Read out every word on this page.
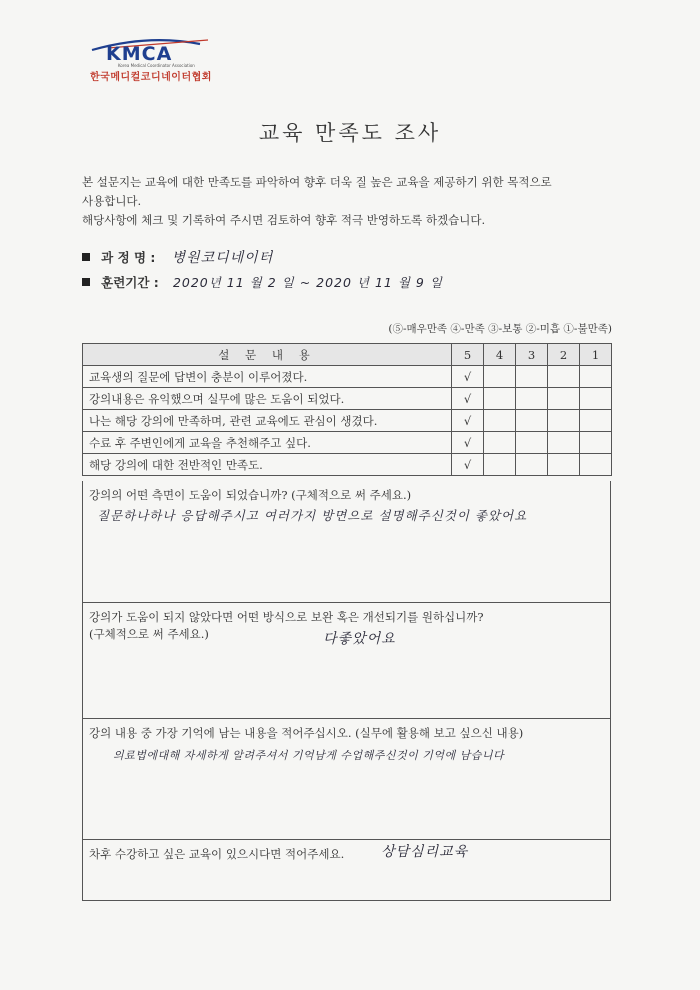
KMCA
Korea Medical Coordinator Association
한국메디컬코디네이터협회
교육 만족도 조사

본 설문지는 교육에 대한 만족도를 파악하여 향후 더욱 질 높은 교육을 제공하기 위한 목적으로

사용합니다.

해당사항에 체크 및 기록하여 주시면 검토하여 향후 적극 반영하도록 하겠습니다.

과 정 명 : 병원코디네이터
훈련기간 : 2020년 11 월 2 일 ~ 2020 년 11 월 9 일
(⑤-매우만족 ④-만족 ③-보통 ②-미흡 ①-불만족)
설 문 내 용	5	4	3	2	1
교육생의 질문에 답변이 충분이 이루어졌다.	√				
강의내용은 유익했으며 실무에 많은 도움이 되었다.	√				
나는 해당 강의에 만족하며, 관련 교육에도 관심이 생겼다.	√				
수료 후 주변인에게 교육을 추천해주고 싶다.	√				
해당 강의에 대한 전반적인 만족도.	√				

강의의 어떤 측면이 도움이 되었습니까? (구체적으로 써 주세요.)

질문하나하나 응답해주시고 여러가지 방면으로 설명해주신것이 좋았어요

강의가 도움이 되지 않았다면 어떤 방식으로 보완 혹은 개선되기를 원하십니까?

(구체적으로 써 주세요.)	다좋았어요

강의 내용 중 가장 기억에 남는 내용을 적어주십시오. (실무에 활용해 보고 싶으신 내용)

의료법에대해 자세하게 알려주셔서 기억남게 수업해주신것이 기억에 남습니다

차후 수강하고 싶은 교육이 있으시다면 적어주세요.	상담심리교육
